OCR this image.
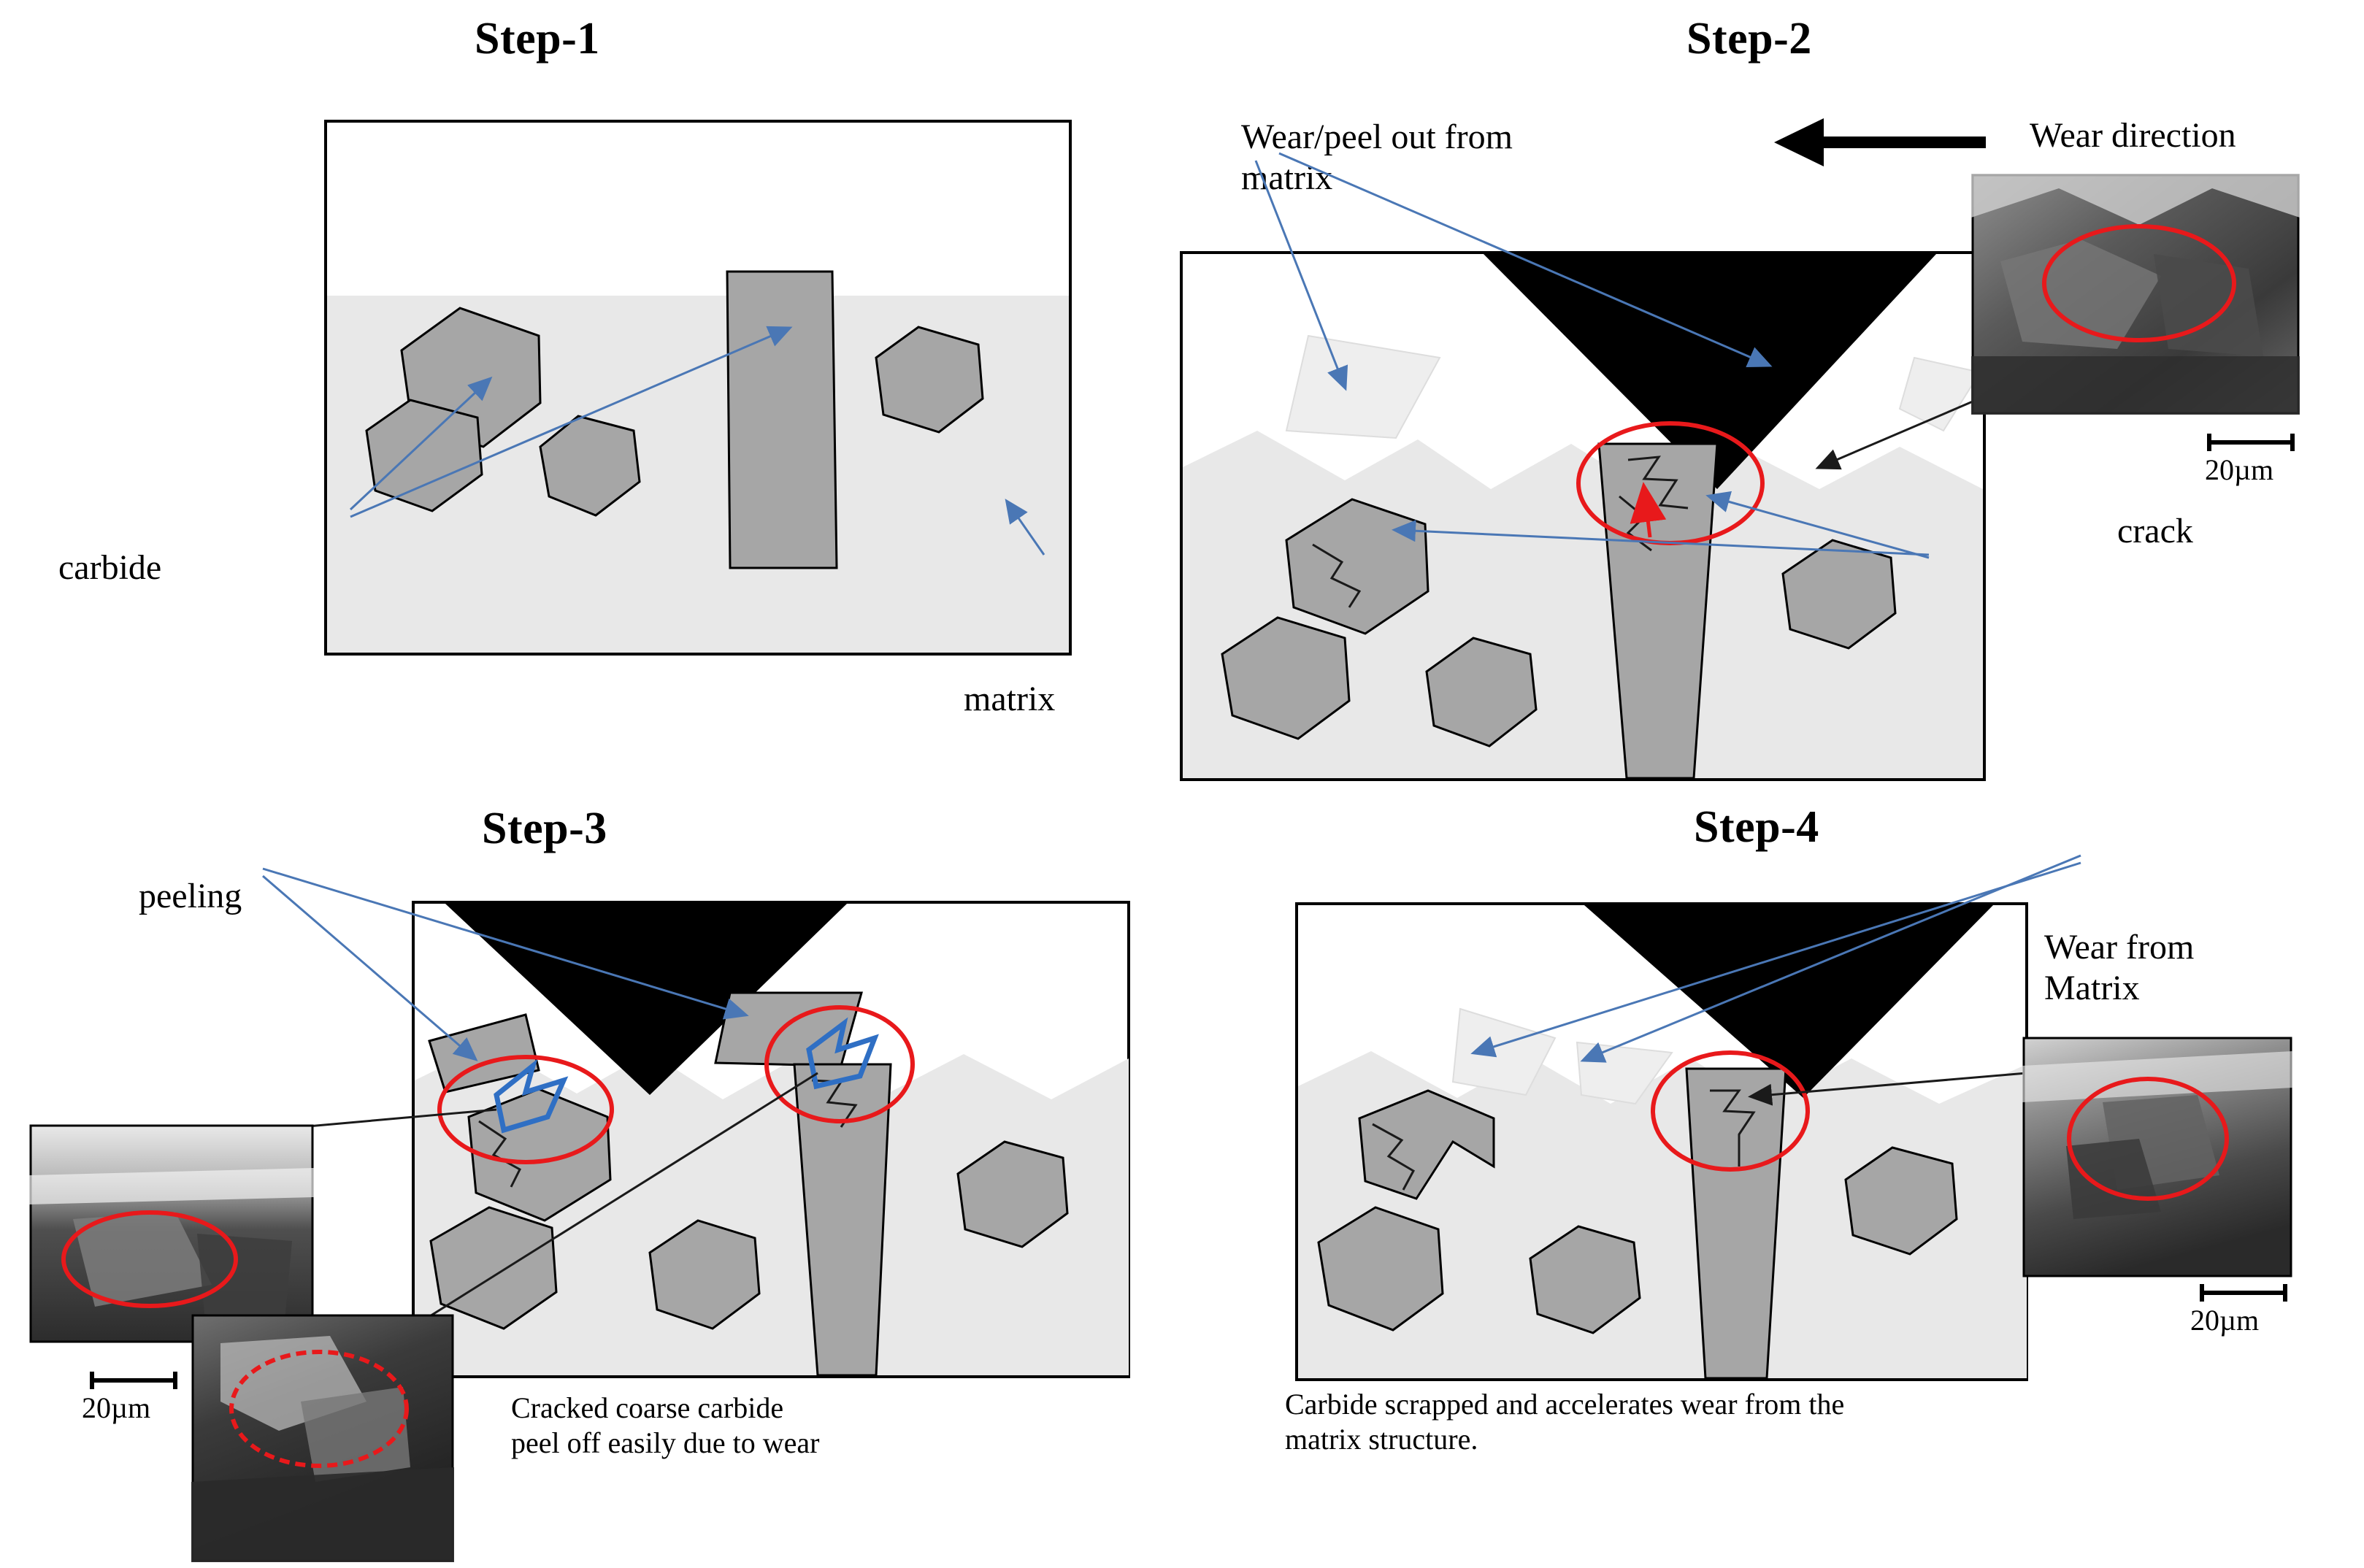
Step-1
carbide
matrix
Step-2
Wear/peel out from
matrix
Wear direction
Silica sand
crack
20µm
Step-3
peeling
20µm	Cracked coarse carbide
peel off easily due to wear
Step-4
Wear from
Matrix
20µm
Carbide scrapped and accelerates wear from the
matrix structure.
